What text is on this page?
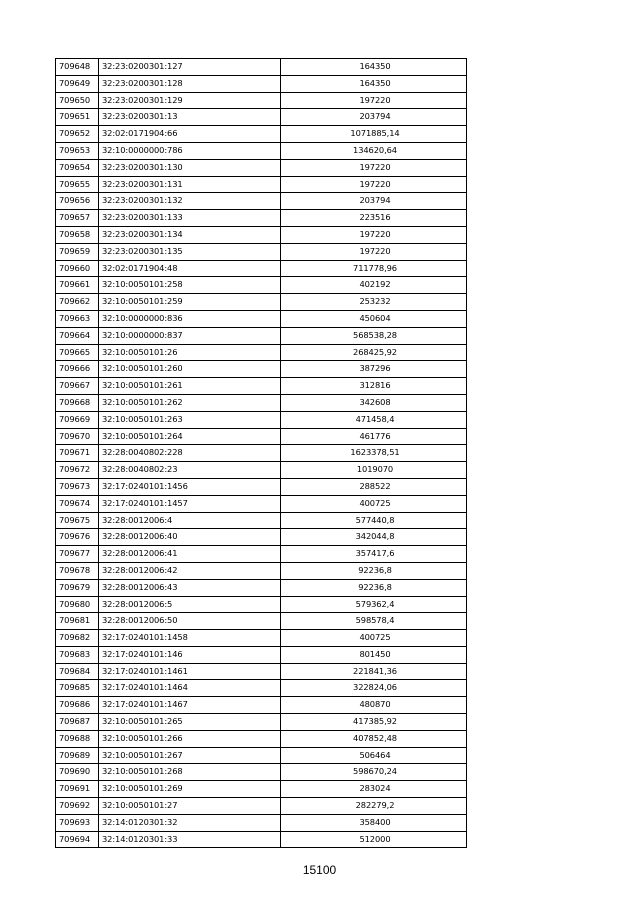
709648	32:23:0200301:127	164350
709649	32:23:0200301:128	164350
709650	32:23:0200301:129	197220
709651	32:23:0200301:13	203794
709652	32:02:0171904:66	1071885,14
709653	32:10:0000000:786	134620,64
709654	32:23:0200301:130	197220
709655	32:23:0200301:131	197220
709656	32:23:0200301:132	203794
709657	32:23:0200301:133	223516
709658	32:23:0200301:134	197220
709659	32:23:0200301:135	197220
709660	32:02:0171904:48	711778,96
709661	32:10:0050101:258	402192
709662	32:10:0050101:259	253232
709663	32:10:0000000:836	450604
709664	32:10:0000000:837	568538,28
709665	32:10:0050101:26	268425,92
709666	32:10:0050101:260	387296
709667	32:10:0050101:261	312816
709668	32:10:0050101:262	342608
709669	32:10:0050101:263	471458,4
709670	32:10:0050101:264	461776
709671	32:28:0040802:228	1623378,51
709672	32:28:0040802:23	1019070
709673	32:17:0240101:1456	288522
709674	32:17:0240101:1457	400725
709675	32:28:0012006:4	577440,8
709676	32:28:0012006:40	342044,8
709677	32:28:0012006:41	357417,6
709678	32:28:0012006:42	92236,8
709679	32:28:0012006:43	92236,8
709680	32:28:0012006:5	579362,4
709681	32:28:0012006:50	598578,4
709682	32:17:0240101:1458	400725
709683	32:17:0240101:146	801450
709684	32:17:0240101:1461	221841,36
709685	32:17:0240101:1464	322824,06
709686	32:17:0240101:1467	480870
709687	32:10:0050101:265	417385,92
709688	32:10:0050101:266	407852,48
709689	32:10:0050101:267	506464
709690	32:10:0050101:268	598670,24
709691	32:10:0050101:269	283024
709692	32:10:0050101:27	282279,2
709693	32:14:0120301:32	358400
709694	32:14:0120301:33	512000
15100
